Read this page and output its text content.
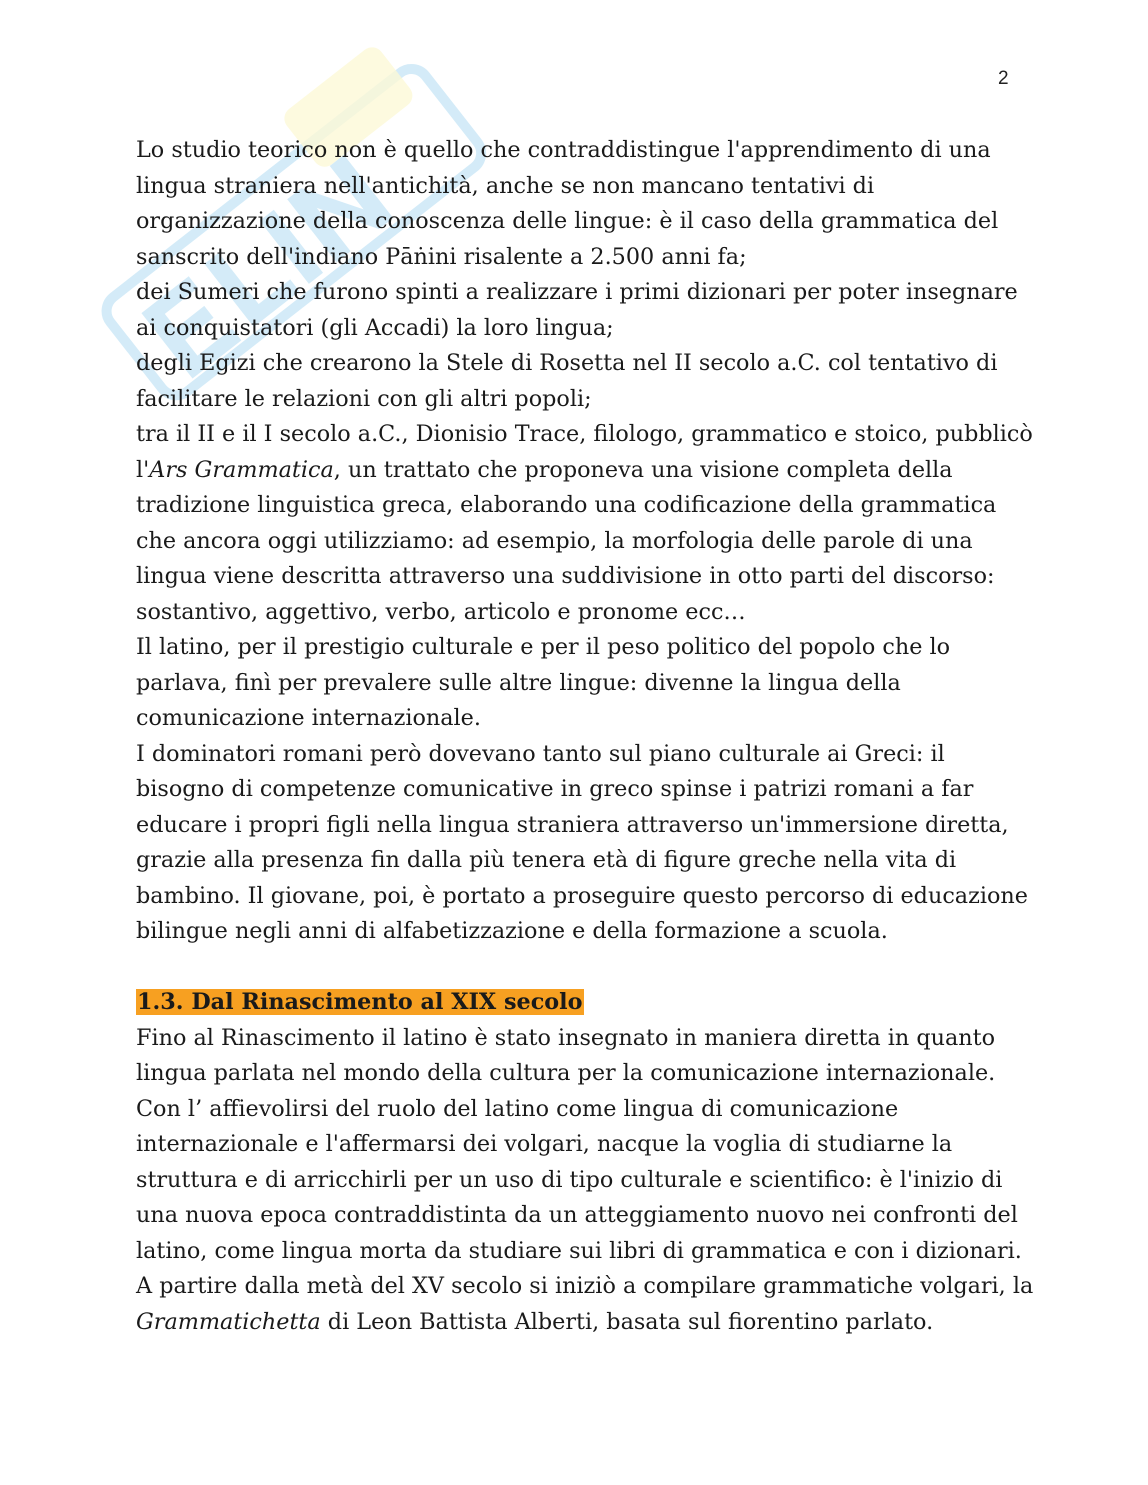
2
Lo studio teorico non è quello che contraddistingue l'apprendimento di una
lingua straniera nell'antichità, anche se non mancano tentativi di
organizzazione della conoscenza delle lingue: è il caso della grammatica del
sanscrito dell'indiano Pāṅini risalente a 2.500 anni fa;
dei Sumeri che furono spinti a realizzare i primi dizionari per poter insegnare
ai conquistatori (gli Accadi) la loro lingua;
degli Egizi che crearono la Stele di Rosetta nel II secolo a.C. col tentativo di
facilitare le relazioni con gli altri popoli;
tra il II e il I secolo a.C., Dionisio Trace, filologo, grammatico e stoico, pubblicò
l'Ars Grammatica, un trattato che proponeva una visione completa della
tradizione linguistica greca, elaborando una codificazione della grammatica
che ancora oggi utilizziamo: ad esempio, la morfologia delle parole di una
lingua viene descritta attraverso una suddivisione in otto parti del discorso:
sostantivo, aggettivo, verbo, articolo e pronome ecc…
Il latino, per il prestigio culturale e per il peso politico del popolo che lo
parlava, finì per prevalere sulle altre lingue: divenne la lingua della
comunicazione internazionale.
I dominatori romani però dovevano tanto sul piano culturale ai Greci: il
bisogno di competenze comunicative in greco spinse i patrizi romani a far
educare i propri figli nella lingua straniera attraverso un'immersione diretta,
grazie alla presenza fin dalla più tenera età di figure greche nella vita di
bambino. Il giovane, poi, è portato a proseguire questo percorso di educazione
bilingue negli anni di alfabetizzazione e della formazione a scuola.
1.3. Dal Rinascimento al XIX secolo
Fino al Rinascimento il latino è stato insegnato in maniera diretta in quanto
lingua parlata nel mondo della cultura per la comunicazione internazionale.
Con l’ affievolirsi del ruolo del latino come lingua di comunicazione
internazionale e l'affermarsi dei volgari, nacque la voglia di studiarne la
struttura e di arricchirli per un uso di tipo culturale e scientifico: è l'inizio di
una nuova epoca contraddistinta da un atteggiamento nuovo nei confronti del
latino, come lingua morta da studiare sui libri di grammatica e con i dizionari.
A partire dalla metà del XV secolo si iniziò a compilare grammatiche volgari, la
Grammatichetta di Leon Battista Alberti, basata sul fiorentino parlato.
